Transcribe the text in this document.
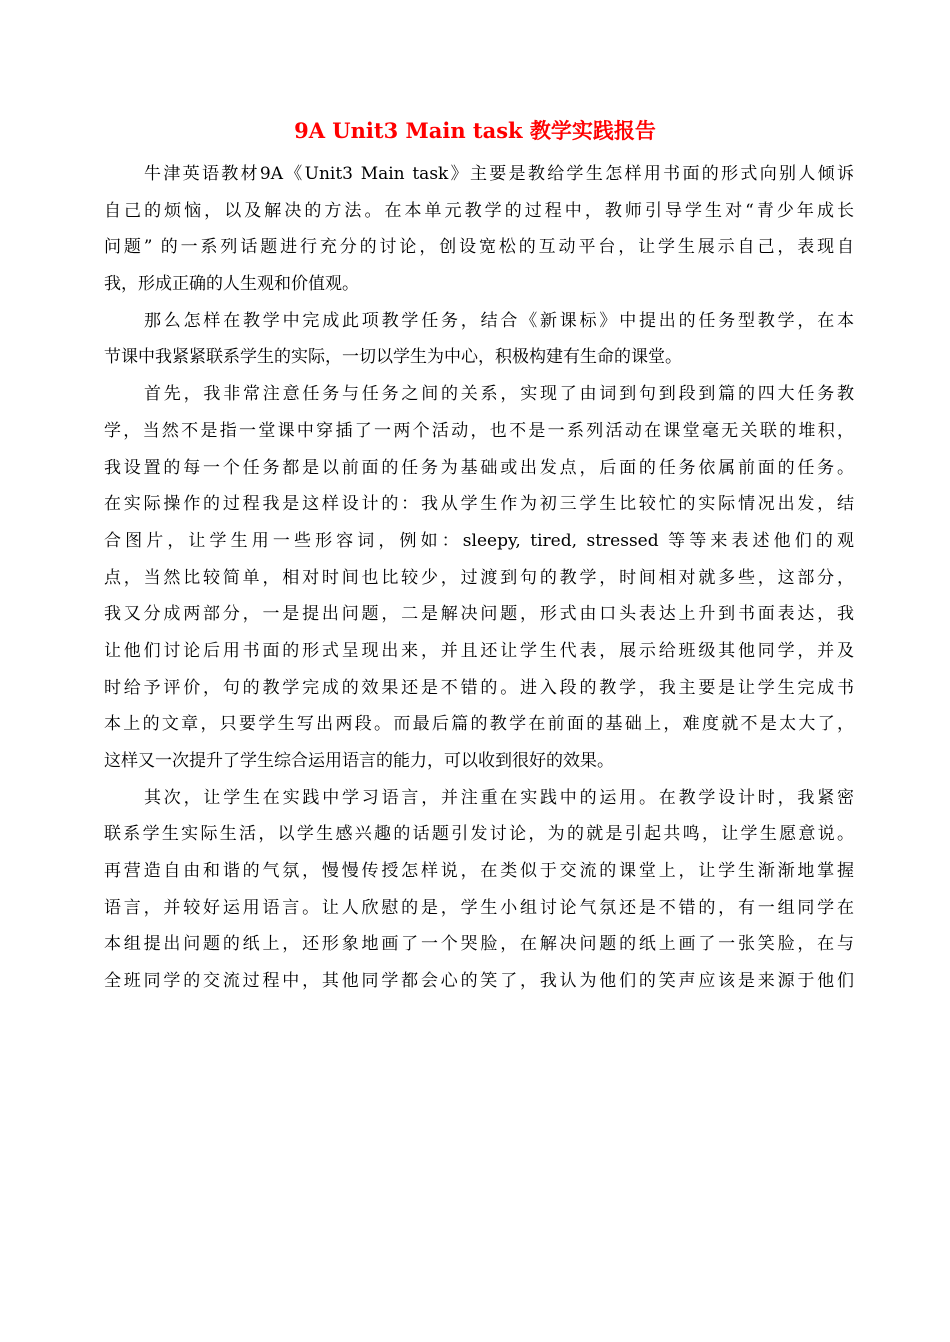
9A Unit3 Main task 教学实践报告
牛津英语教材9A《Unit3 Main task》主要是教给学生怎样用书面的形式向别人倾诉
自己的烦恼，以及解决的方法。在本单元教学的过程中，教师引导学生对“青少年成长
问题” 的一系列话题进行充分的讨论，创设宽松的互动平台，让学生展示自己，表现自
我，形成正确的人生观和价值观。
那么怎样在教学中完成此项教学任务，结合《新课标》中提出的任务型教学，在本
节课中我紧紧联系学生的实际，一切以学生为中心，积极构建有生命的课堂。
首先，我非常注意任务与任务之间的关系，实现了由词到句到段到篇的四大任务教
学，当然不是指一堂课中穿插了一两个活动，也不是一系列活动在课堂毫无关联的堆积，
我设置的每一个任务都是以前面的任务为基础或出发点，后面的任务依属前面的任务。
在实际操作的过程我是这样设计的：我从学生作为初三学生比较忙的实际情况出发，结
合图片，让学生用一些形容词，例如：sleepy, tired, stressed 等等来表述他们的观
点，当然比较简单，相对时间也比较少，过渡到句的教学，时间相对就多些，这部分，
我又分成两部分，一是提出问题，二是解决问题，形式由口头表达上升到书面表达，我
让他们讨论后用书面的形式呈现出来，并且还让学生代表，展示给班级其他同学，并及
时给予评价，句的教学完成的效果还是不错的。进入段的教学，我主要是让学生完成书
本上的文章，只要学生写出两段。而最后篇的教学在前面的基础上，难度就不是太大了，
这样又一次提升了学生综合运用语言的能力，可以收到很好的效果。
其次，让学生在实践中学习语言，并注重在实践中的运用。在教学设计时，我紧密
联系学生实际生活，以学生感兴趣的话题引发讨论，为的就是引起共鸣，让学生愿意说。
再营造自由和谐的气氛，慢慢传授怎样说，在类似于交流的课堂上，让学生渐渐地掌握
语言，并较好运用语言。让人欣慰的是，学生小组讨论气氛还是不错的，有一组同学在
本组提出问题的纸上，还形象地画了一个哭脸，在解决问题的纸上画了一张笑脸，在与
全班同学的交流过程中，其他同学都会心的笑了，我认为他们的笑声应该是来源于他们
